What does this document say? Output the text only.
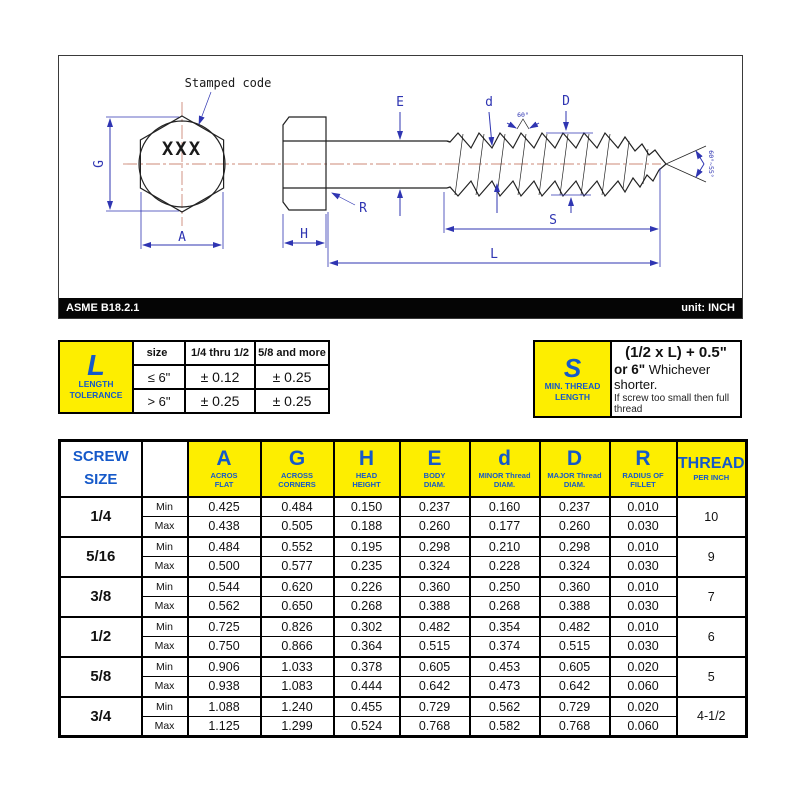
XXX
Stamped code
G
A
E	d
60°
D
60°~55°
R
H
S
L
ASME B18.2.1	unit: INCH
L
LENGTH
TOLERANCE	size	1/4 thru 1/2	5/8 and more
	≤ 6"	± 0.12	± 0.25
	> 6"	± 0.25	± 0.25
S
MIN. THREAD
LENGTH
(1/2 x L) + 0.5"
or 6" Whichever shorter.
If screw too small then full thread
SCREW
SIZE

A
ACROS
FLAT

G
ACROSS
CORNERS

H
HEAD
HEIGHT

E
BODY
DIAM.

d
MINOR Thread
DIAM.

D
MAJOR Thread
DIAM.

R
RADIUS OF
FILLET

THREAD
PER INCH

1/4	Min	0.425	0.484	0.150	0.237	0.160	0.237	0.010	10
	Max	0.438	0.505	0.188	0.260	0.177	0.260	0.030	
5/16	Min	0.484	0.552	0.195	0.298	0.210	0.298	0.010	9
	Max	0.500	0.577	0.235	0.324	0.228	0.324	0.030	
3/8	Min	0.544	0.620	0.226	0.360	0.250	0.360	0.010	7
	Max	0.562	0.650	0.268	0.388	0.268	0.388	0.030	
1/2	Min	0.725	0.826	0.302	0.482	0.354	0.482	0.010	6
	Max	0.750	0.866	0.364	0.515	0.374	0.515	0.030	
5/8	Min	0.906	1.033	0.378	0.605	0.453	0.605	0.020	5
	Max	0.938	1.083	0.444	0.642	0.473	0.642	0.060	
3/4	Min	1.088	1.240	0.455	0.729	0.562	0.729	0.020	4-1/2
	Max	1.125	1.299	0.524	0.768	0.582	0.768	0.060	
